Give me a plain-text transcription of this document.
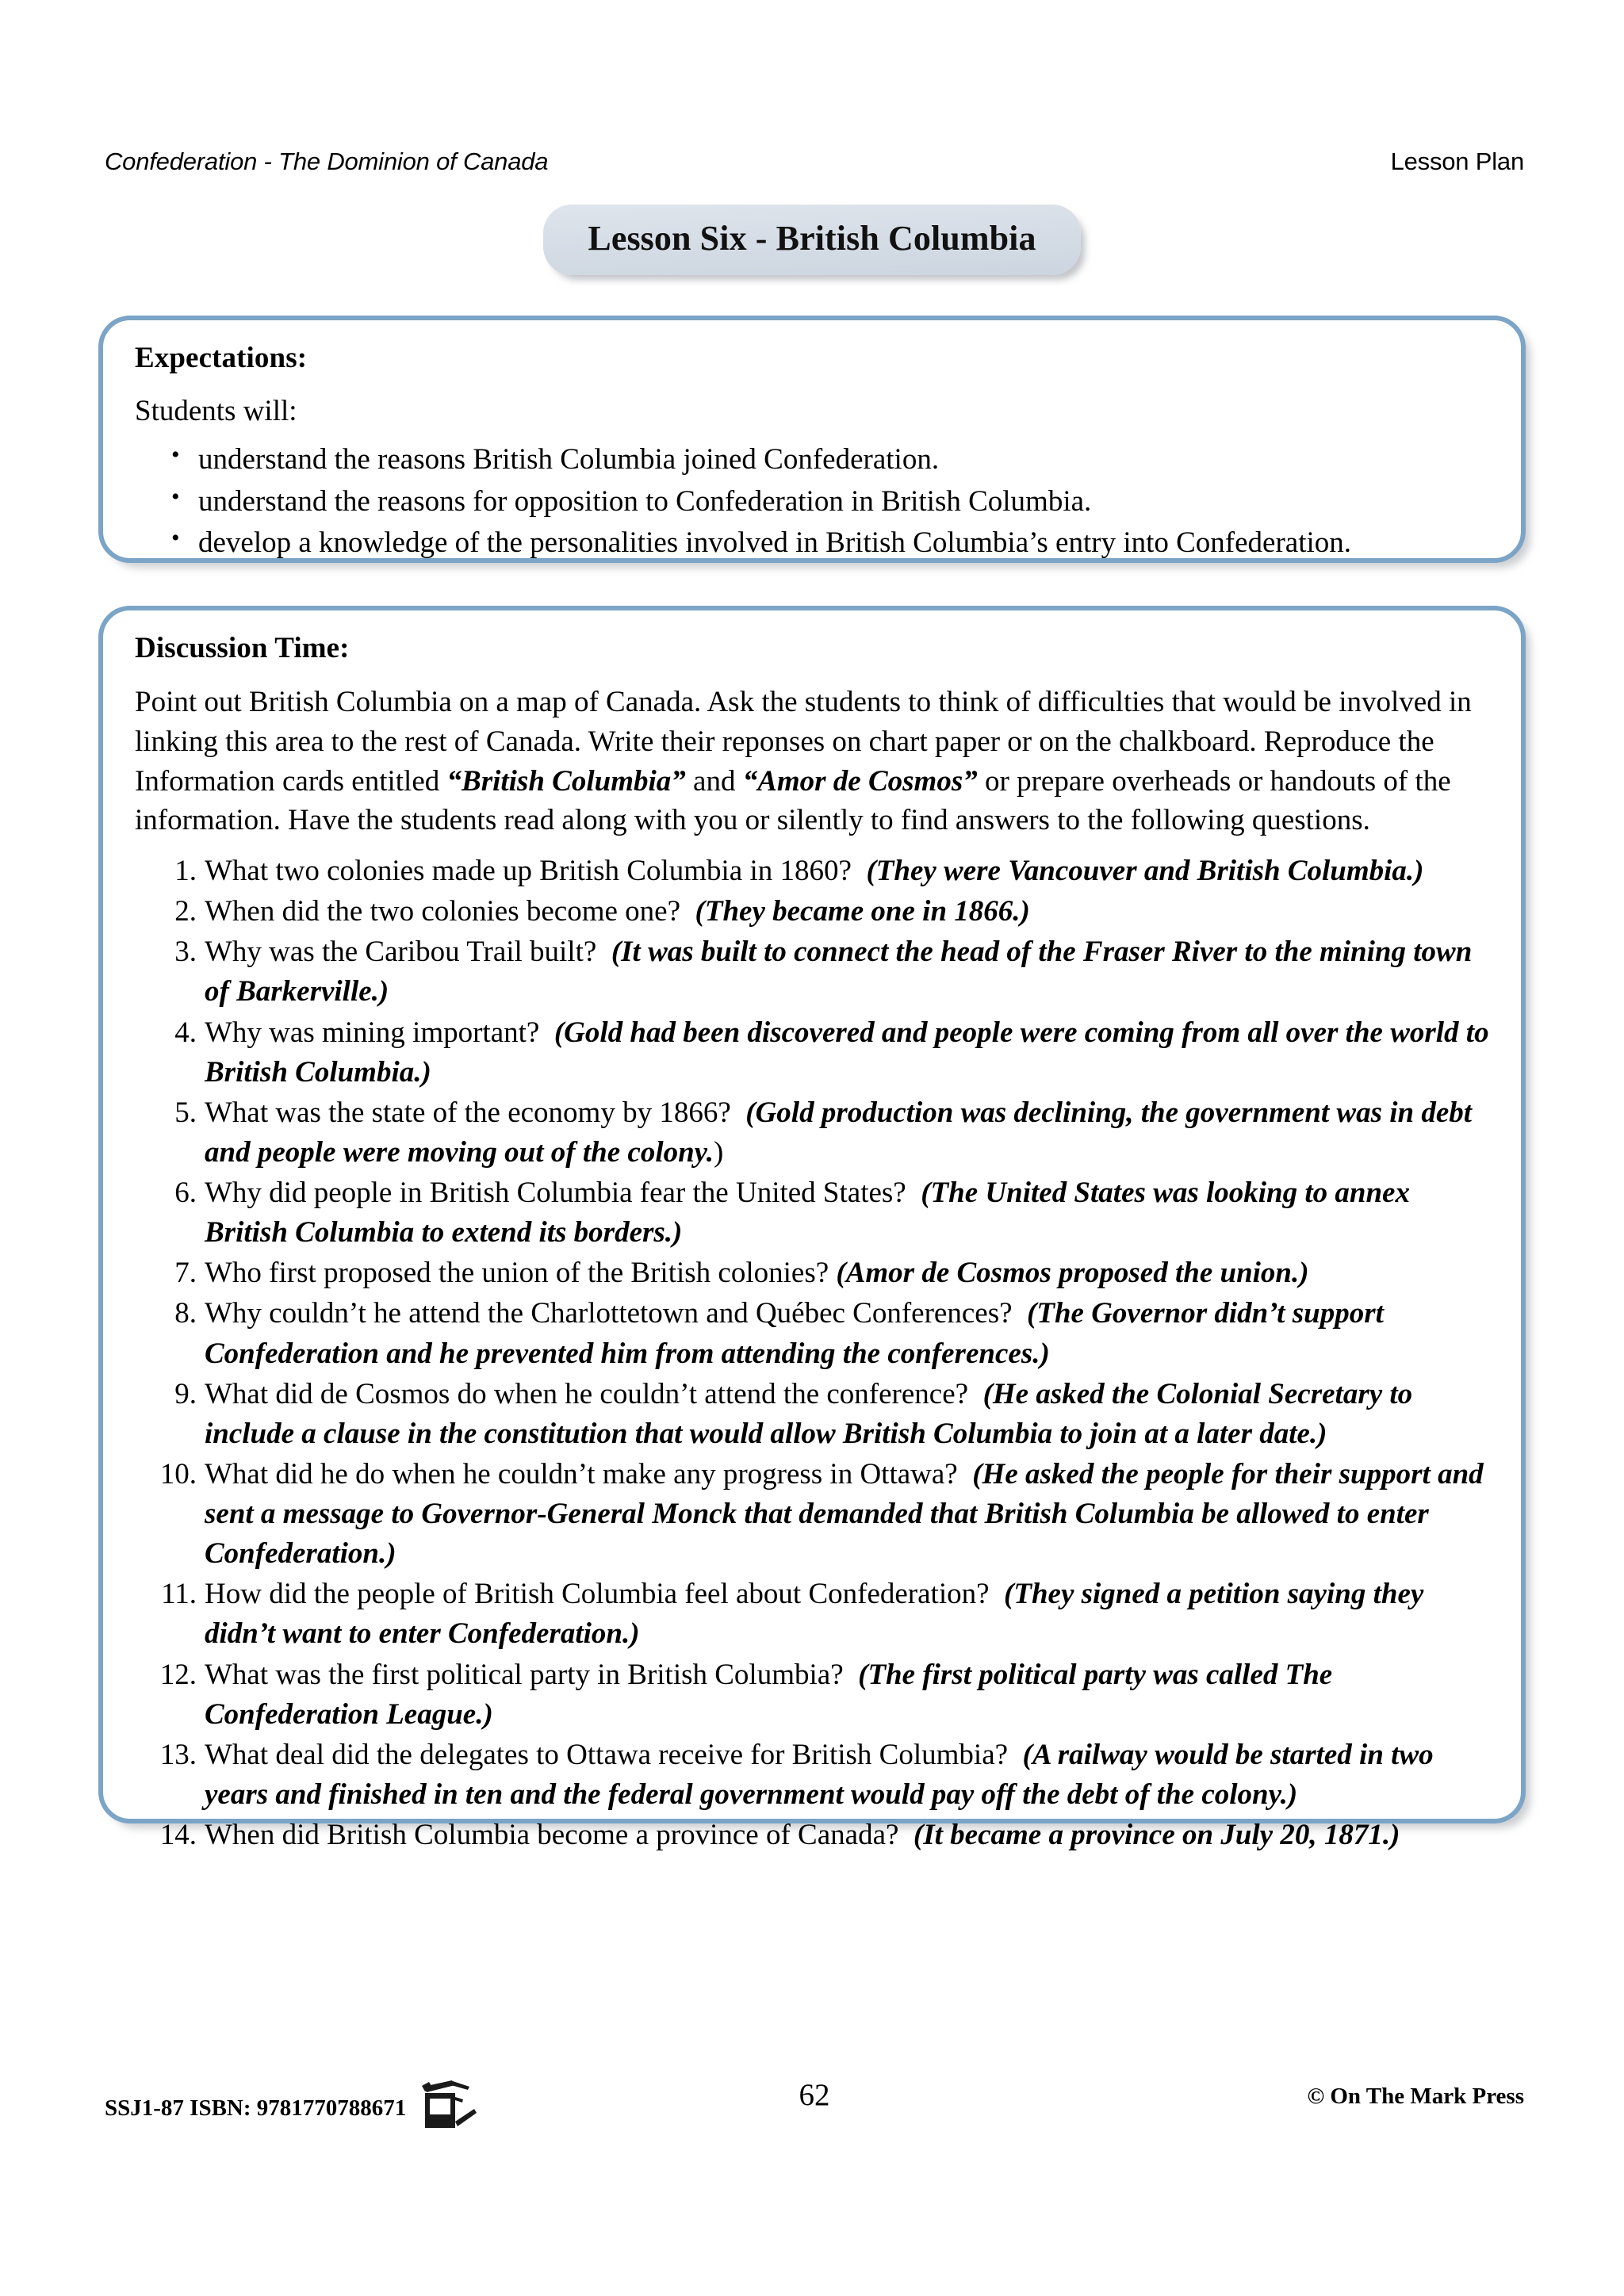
Confederation - The Dominion of Canada	Lesson Plan
Lesson Six - British Columbia
Expectations:

Students will:

• understand the reasons British Columbia joined Confederation.
• understand the reasons for opposition to Confederation in British Columbia.
• develop a knowledge of the personalities involved in British Columbia’s entry into Confederation.
Discussion Time:

Point out British Columbia on a map of Canada. Ask the students to think of difficulties that would be involved in linking this area to the rest of Canada. Write their reponses on chart paper or on the chalkboard. Reproduce the Information cards entitled “British Columbia” and “Amor de Cosmos” or prepare overheads or handouts of the information. Have the students read along with you or silently to find answers to the following questions.

What two colonies made up British Columbia in 1860? (They were Vancouver and British Columbia.)
When did the two colonies become one? (They became one in 1866.)
Why was the Caribou Trail built? (It was built to connect the head of the Fraser River to the mining town of Barkerville.)
Why was mining important? (Gold had been discovered and people were coming from all over the world to British Columbia.)
What was the state of the economy by 1866? (Gold production was declining, the government was in debt and people were moving out of the colony.)
Why did people in British Columbia fear the United States? (The United States was looking to annex British Columbia to extend its borders.)
Who first proposed the union of the British colonies? (Amor de Cosmos proposed the union.)
Why couldn’t he attend the Charlottetown and Québec Conferences? (The Governor didn’t support Confederation and he prevented him from attending the conferences.)
What did de Cosmos do when he couldn’t attend the conference? (He asked the Colonial Secretary to include a clause in the constitution that would allow British Columbia to join at a later date.)
What did he do when he couldn’t make any progress in Ottawa? (He asked the people for their support and sent a message to Governor-General Monck that demanded that British Columbia be allowed to enter Confederation.)
How did the people of British Columbia feel about Confederation? (They signed a petition saying they didn’t want to enter Confederation.)
What was the first political party in British Columbia? (The first political party was called The Confederation League.)
What deal did the delegates to Ottawa receive for British Columbia? (A railway would be started in two years and finished in ten and the federal government would pay off the debt of the colony.)
When did British Columbia become a province of Canada? (It became a province on July 20, 1871.)
SSJ1-87 ISBN: 9781770788671	62	© On The Mark Press
